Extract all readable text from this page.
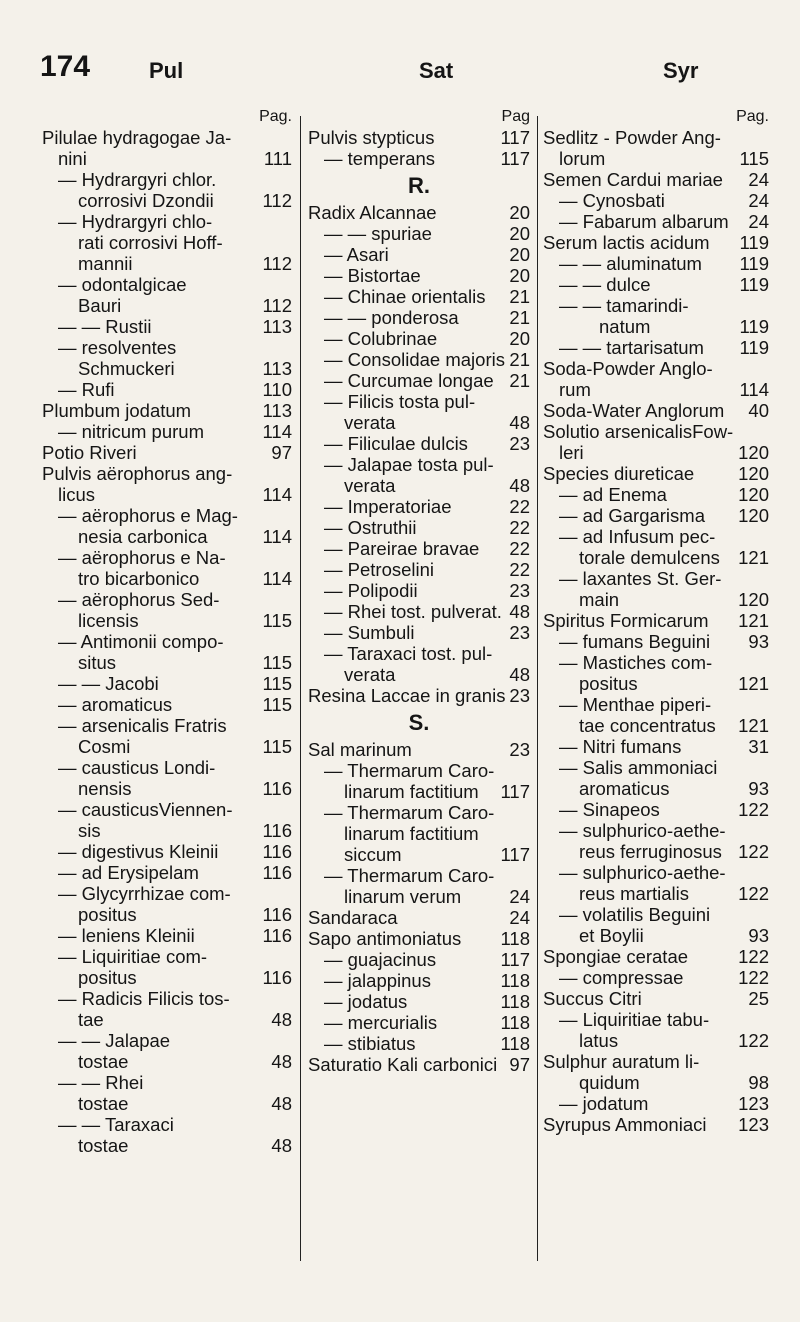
174	Pul	Sat	Syr
Pag.
Pilulae hydragogae Ja-
nini	111
— Hydrargyri chlor.
corrosivi Dzondii	112
— Hydrargyri chlo-
rati corrosivi Hoff-
mannii	112
— odontalgicae
Bauri	112
— — Rustii	113
— resolventes
Schmuckeri	113
— Rufi	110
Plumbum jodatum	113
— nitricum purum	114
Potio Riveri	97
Pulvis aërophorus ang-
licus	114
— aërophorus e Mag-
nesia carbonica	114
— aërophorus e Na-
tro bicarbonico	114
— aërophorus Sed-
licensis	115
— Antimonii compo-
situs	115
— — Jacobi	115
— aromaticus	115
— arsenicalis Fratris
Cosmi	115
— causticus Londi-
nensis	116
— causticusViennen-
sis	116
— digestivus Kleinii 116
— ad Erysipelam	116
— Glycyrrhizae com-
positus	116
— leniens Kleinii	116
— Liquiritiae com-
positus	116
— Radicis Filicis tos-
tae	48
— — Jalapae
tostae	48
— — Rhei
tostae	48
— — Taraxaci
tostae	48
Pag
Pulvis stypticus	117
— temperans	117
R.
Radix Alcannae	20
— — spuriae	20
— Asari	20
— Bistortae	20
— Chinae orientalis 21
— — ponderosa	21
— Colubrinae	20
— Consolidae majoris 21
— Curcumae longae 21
— Filicis tosta pul-
verata	48
— Filiculae dulcis 23
— Jalapae tosta pul-
verata	48
— Imperatoriae	22
— Ostruthii	22
— Pareirae bravae 22
— Petroselini	22
— Polipodii	23
— Rhei tost. pulverat. 48
— Sumbuli	23
— Taraxaci tost. pul-
verata	48
Resina Laccae in granis 23
S.
Sal marinum	23
— Thermarum Caro-
linarum factitium 117
— Thermarum Caro-
linarum factitium
siccum	117
— Thermarum Caro-
linarum verum	24
Sandaraca	24
Sapo antimoniatus 118
— guajacinus	117
— jalappinus	118
— jodatus	118
— mercurialis	118
— stibiatus	118
Saturatio Kali carbonici 97
Pag.
Sedlitz - Powder Ang-
lorum	115
Semen Cardui mariae 24
— Cynosbati	24
— Fabarum albarum 24
Serum lactis acidum 119
— — aluminatum 119
— — dulce	119
— — tamarindi-
natum	119
— — tartarisatum 119
Soda-Powder Anglo-
rum	114
Soda-Water Anglorum 40
Solutio arsenicalisFow-
leri	120
Species diureticae 120
— ad Enema	120
— ad Gargarisma 120
— ad Infusum pec-
torale demulcens 121
— laxantes St. Ger-
main	120
Spiritus Formicarum 121
— fumans Beguini 93
— Mastiches com-
positus	121
— Menthae piperi-
tae concentratus 121
— Nitri fumans	31
— Salis ammoniaci
aromaticus	93
— Sinapeos	122
— sulphurico-aethe-
reus ferruginosus 122
— sulphurico-aethe-
reus martialis	122
— volatilis Beguini
et Boylii	93
Spongiae ceratae	122
— compressae	122
Succus Citri	25
— Liquiritiae tabu-
latus	122
Sulphur auratum li-
quidum	98
— jodatum	123
Syrupus Ammoniaci 123
